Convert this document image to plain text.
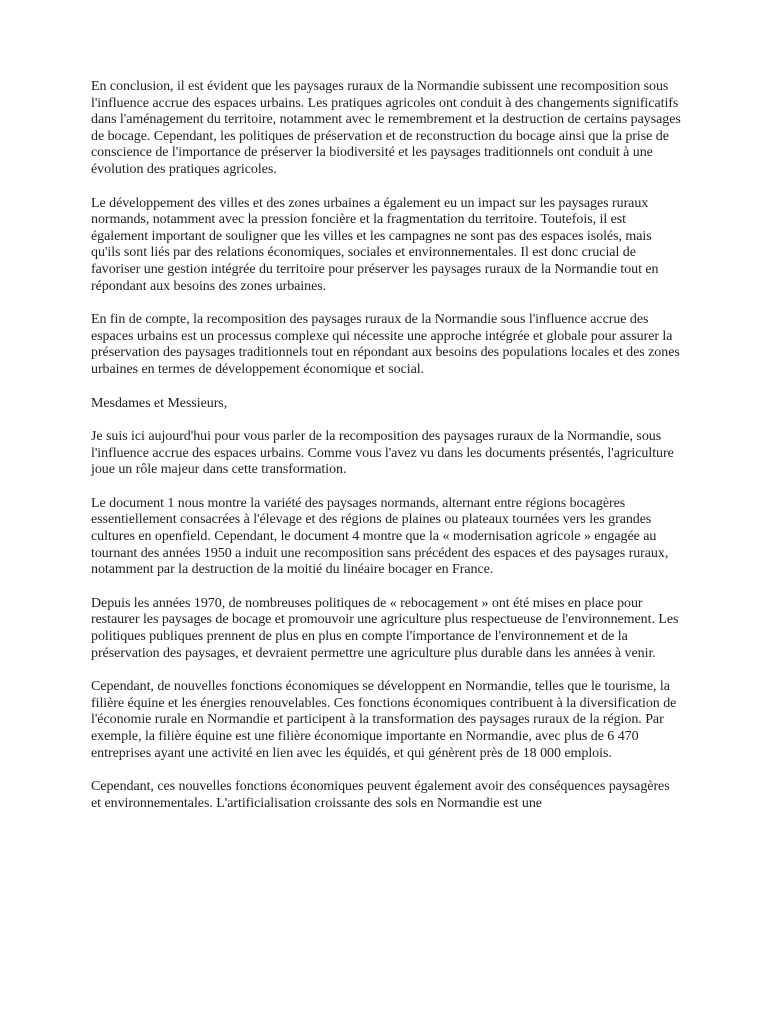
En conclusion, il est évident que les paysages ruraux de la Normandie subissent une recomposition sous l'influence accrue des espaces urbains. Les pratiques agricoles ont conduit à des changements significatifs dans l'aménagement du territoire, notamment avec le remembrement et la destruction de certains paysages de bocage. Cependant, les politiques de préservation et de reconstruction du bocage ainsi que la prise de conscience de l'importance de préserver la biodiversité et les paysages traditionnels ont conduit à une évolution des pratiques agricoles.

Le développement des villes et des zones urbaines a également eu un impact sur les paysages ruraux normands, notamment avec la pression foncière et la fragmentation du territoire. Toutefois, il est également important de souligner que les villes et les campagnes ne sont pas des espaces isolés, mais qu'ils sont liés par des relations économiques, sociales et environnementales. Il est donc crucial de favoriser une gestion intégrée du territoire pour préserver les paysages ruraux de la Normandie tout en répondant aux besoins des zones urbaines.

En fin de compte, la recomposition des paysages ruraux de la Normandie sous l'influence accrue des espaces urbains est un processus complexe qui nécessite une approche intégrée et globale pour assurer la préservation des paysages traditionnels tout en répondant aux besoins des populations locales et des zones urbaines en termes de développement économique et social.

Mesdames et Messieurs,

Je suis ici aujourd'hui pour vous parler de la recomposition des paysages ruraux de la Normandie, sous l'influence accrue des espaces urbains. Comme vous l'avez vu dans les documents présentés, l'agriculture joue un rôle majeur dans cette transformation.

Le document 1 nous montre la variété des paysages normands, alternant entre régions bocagères essentiellement consacrées à l'élevage et des régions de plaines ou plateaux tournées vers les grandes cultures en openfield. Cependant, le document 4 montre que la « modernisation agricole » engagée au tournant des années 1950 a induit une recomposition sans précédent des espaces et des paysages ruraux, notamment par la destruction de la moitié du linéaire bocager en France.

Depuis les années 1970, de nombreuses politiques de « rebocagement » ont été mises en place pour restaurer les paysages de bocage et promouvoir une agriculture plus respectueuse de l'environnement. Les politiques publiques prennent de plus en plus en compte l'importance de l'environnement et de la préservation des paysages, et devraient permettre une agriculture plus durable dans les années à venir.

Cependant, de nouvelles fonctions économiques se développent en Normandie, telles que le tourisme, la filière équine et les énergies renouvelables. Ces fonctions économiques contribuent à la diversification de l'économie rurale en Normandie et participent à la transformation des paysages ruraux de la région. Par exemple, la filière équine est une filière économique importante en Normandie, avec plus de 6 470 entreprises ayant une activité en lien avec les équidés, et qui génèrent près de 18 000 emplois.

Cependant, ces nouvelles fonctions économiques peuvent également avoir des conséquences paysagères et environnementales. L'artificialisation croissante des sols en Normandie est une
